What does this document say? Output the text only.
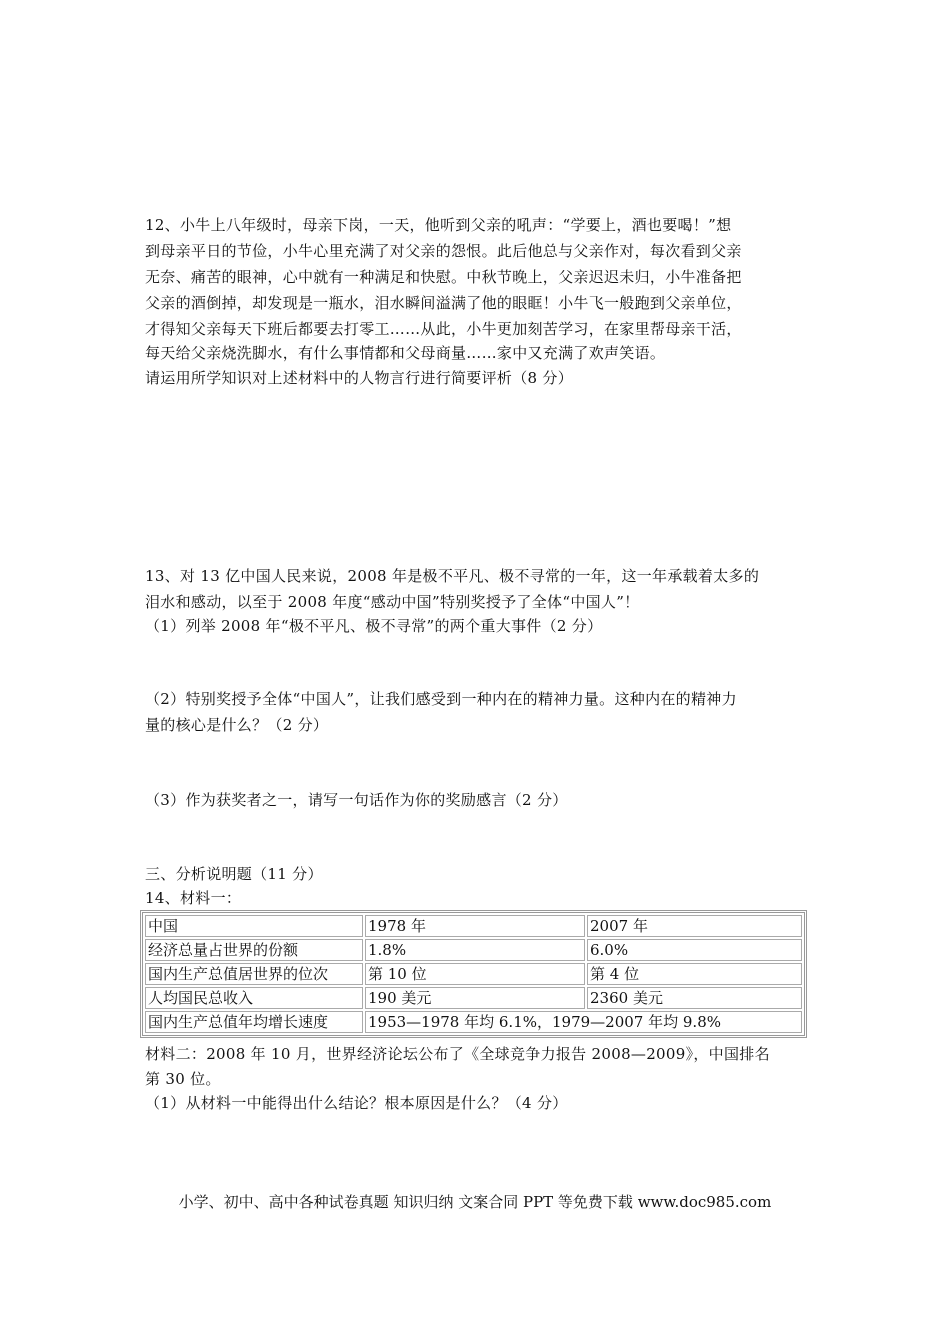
12、小牛上八年级时，母亲下岗，一天，他听到父亲的吼声：“学要上，酒也要喝！”想
到母亲平日的节俭，小牛心里充满了对父亲的怨恨。此后他总与父亲作对，每次看到父亲
无奈、痛苦的眼神，心中就有一种满足和快慰。中秋节晚上，父亲迟迟未归，小牛准备把
父亲的酒倒掉，却发现是一瓶水，泪水瞬间溢满了他的眼眶！小牛飞一般跑到父亲单位，
才得知父亲每天下班后都要去打零工……从此，小牛更加刻苦学习，在家里帮母亲干活，
每天给父亲烧洗脚水，有什么事情都和父母商量……家中又充满了欢声笑语。
请运用所学知识对上述材料中的人物言行进行简要评析（8 分）
13、对 13 亿中国人民来说，2008 年是极不平凡、极不寻常的一年，这一年承载着太多的
泪水和感动，以至于 2008 年度“感动中国”特别奖授予了全体“中国人”！
（1）列举 2008 年“极不平凡、极不寻常”的两个重大事件（2 分）
（2）特别奖授予全体“中国人”，让我们感受到一种内在的精神力量。这种内在的精神力
量的核心是什么？（2 分）
（3）作为获奖者之一，请写一句话作为你的奖励感言（2 分）
三、分析说明题（11 分）
14、材料一：
中国	1978 年	2007 年
经济总量占世界的份额	1.8%	6.0%
国内生产总值居世界的位次	第 10 位	第 4 位
人均国民总收入	190 美元	2360 美元
国内生产总值年均增长速度	1953—1978 年均 6.1%，1979—2007 年均 9.8%	
材料二：2008 年 10 月，世界经济论坛公布了《全球竞争力报告 2008—2009》，中国排名
第 30 位。
（1）从材料一中能得出什么结论？根本原因是什么？（4 分）
小学、初中、高中各种试卷真题 知识归纳 文案合同 PPT 等免费下载 www.doc985.com
